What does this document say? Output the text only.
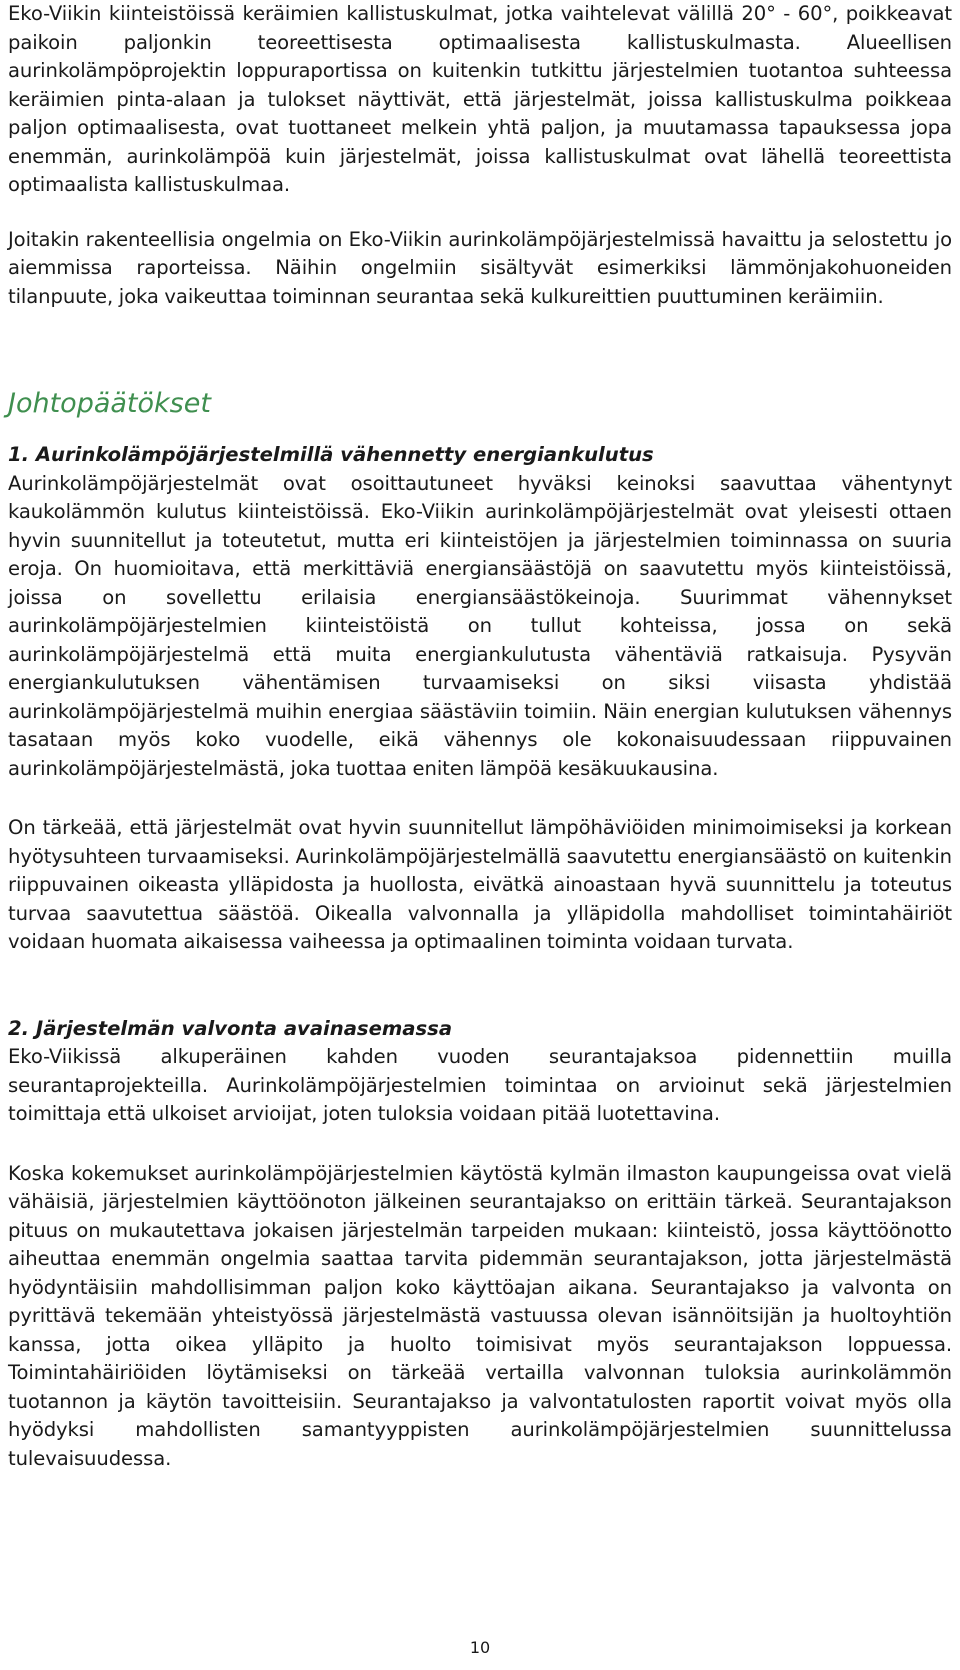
Eko-Viikin kiinteistöissä keräimien kallistuskulmat, jotka vaihtelevat välillä 20° - 60°, poikkeavat paikoin paljonkin teoreettisesta optimaalisesta kallistuskulmasta. Alueellisen aurinkolämpöprojektin loppuraportissa on kuitenkin tutkittu järjestelmien tuotantoa suhteessa keräimien pinta-alaan ja tulokset näyttivät, että järjestelmät, joissa kallistuskulma poikkeaa paljon optimaalisesta, ovat tuottaneet melkein yhtä paljon, ja muutamassa tapauksessa jopa enemmän, aurinkolämpöä kuin järjestelmät, joissa kallistuskulmat ovat lähellä teoreettista optimaalista kallistuskulmaa.

Joitakin rakenteellisia ongelmia on Eko-Viikin aurinkolämpöjärjestelmissä havaittu ja selostettu jo aiemmissa raporteissa. Näihin ongelmiin sisältyvät esimerkiksi lämmönjakohuoneiden tilanpuute, joka vaikeuttaa toiminnan seurantaa sekä kulkureittien puuttuminen keräimiin.

Johtopäätökset
1. Aurinkolämpöjärjestelmillä vähennetty energiankulutus

Aurinkolämpöjärjestelmät ovat osoittautuneet hyväksi keinoksi saavuttaa vähentynyt kaukolämmön kulutus kiinteistöissä. Eko-Viikin aurinkolämpöjärjestelmät ovat yleisesti ottaen hyvin suunnitellut ja toteutetut, mutta eri kiinteistöjen ja järjestelmien toiminnassa on suuria eroja. On huomioitava, että merkittäviä energiansäästöjä on saavutettu myös kiinteistöissä, joissa on sovellettu erilaisia energiansäästökeinoja. Suurimmat vähennykset aurinkolämpöjärjestelmien kiinteistöistä on tullut kohteissa, jossa on sekä aurinkolämpöjärjestelmä että muita energiankulutusta vähentäviä ratkaisuja. Pysyvän energiankulutuksen vähentämisen turvaamiseksi on siksi viisasta yhdistää aurinkolämpöjärjestelmä muihin energiaa säästäviin toimiin. Näin energian kulutuksen vähennys tasataan myös koko vuodelle, eikä vähennys ole kokonaisuudessaan riippuvainen aurinkolämpöjärjestelmästä, joka tuottaa eniten lämpöä kesäkuukausina.

On tärkeää, että järjestelmät ovat hyvin suunnitellut lämpöhäviöiden minimoimiseksi ja korkean hyötysuhteen turvaamiseksi. Aurinkolämpöjärjestelmällä saavutettu energiansäästö on kuitenkin riippuvainen oikeasta ylläpidosta ja huollosta, eivätkä ainoastaan hyvä suunnittelu ja toteutus turvaa saavutettua säästöä. Oikealla valvonnalla ja ylläpidolla mahdolliset toimintahäiriöt voidaan huomata aikaisessa vaiheessa ja optimaalinen toiminta voidaan turvata.

2. Järjestelmän valvonta avainasemassa

Eko-Viikissä alkuperäinen kahden vuoden seurantajaksoa pidennettiin muilla seurantaprojekteilla. Aurinkolämpöjärjestelmien toimintaa on arvioinut sekä järjestelmien toimittaja että ulkoiset arvioijat, joten tuloksia voidaan pitää luotettavina.

Koska kokemukset aurinkolämpöjärjestelmien käytöstä kylmän ilmaston kaupungeissa ovat vielä vähäisiä, järjestelmien käyttöönoton jälkeinen seurantajakso on erittäin tärkeä. Seurantajakson pituus on mukautettava jokaisen järjestelmän tarpeiden mukaan: kiinteistö, jossa käyttöönotto aiheuttaa enemmän ongelmia saattaa tarvita pidemmän seurantajakson, jotta järjestelmästä hyödyntäisiin mahdollisimman paljon koko käyttöajan aikana. Seurantajakso ja valvonta on pyrittävä tekemään yhteistyössä järjestelmästä vastuussa olevan isännöitsijän ja huoltoyhtiön kanssa, jotta oikea ylläpito ja huolto toimisivat myös seurantajakson loppuessa. Toimintahäiriöiden löytämiseksi on tärkeää vertailla valvonnan tuloksia aurinkolämmön tuotannon ja käytön tavoitteisiin. Seurantajakso ja valvontatulosten raportit voivat myös olla hyödyksi mahdollisten samantyyppisten aurinkolämpöjärjestelmien suunnittelussa tulevaisuudessa.

10
